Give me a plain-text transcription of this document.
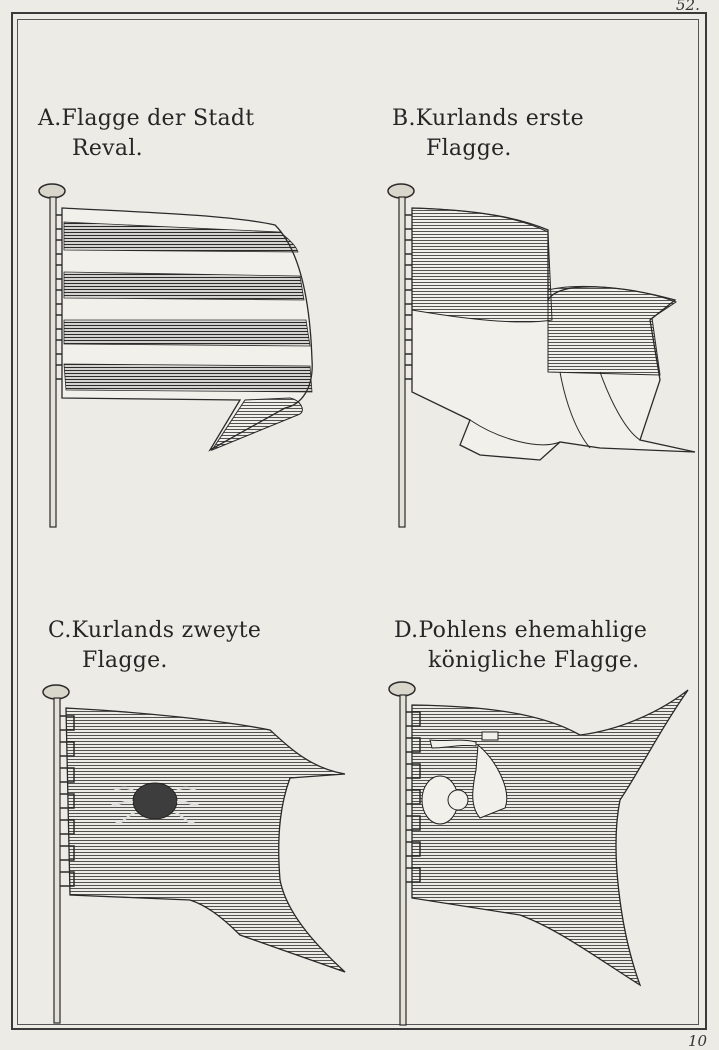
52.
10
A.Flagge der Stadt
Reval.
B.Kurlands erste
Flagge.
C.Kurlands zweyte
Flagge.
D.Pohlens ehemahlige
königliche Flagge.
